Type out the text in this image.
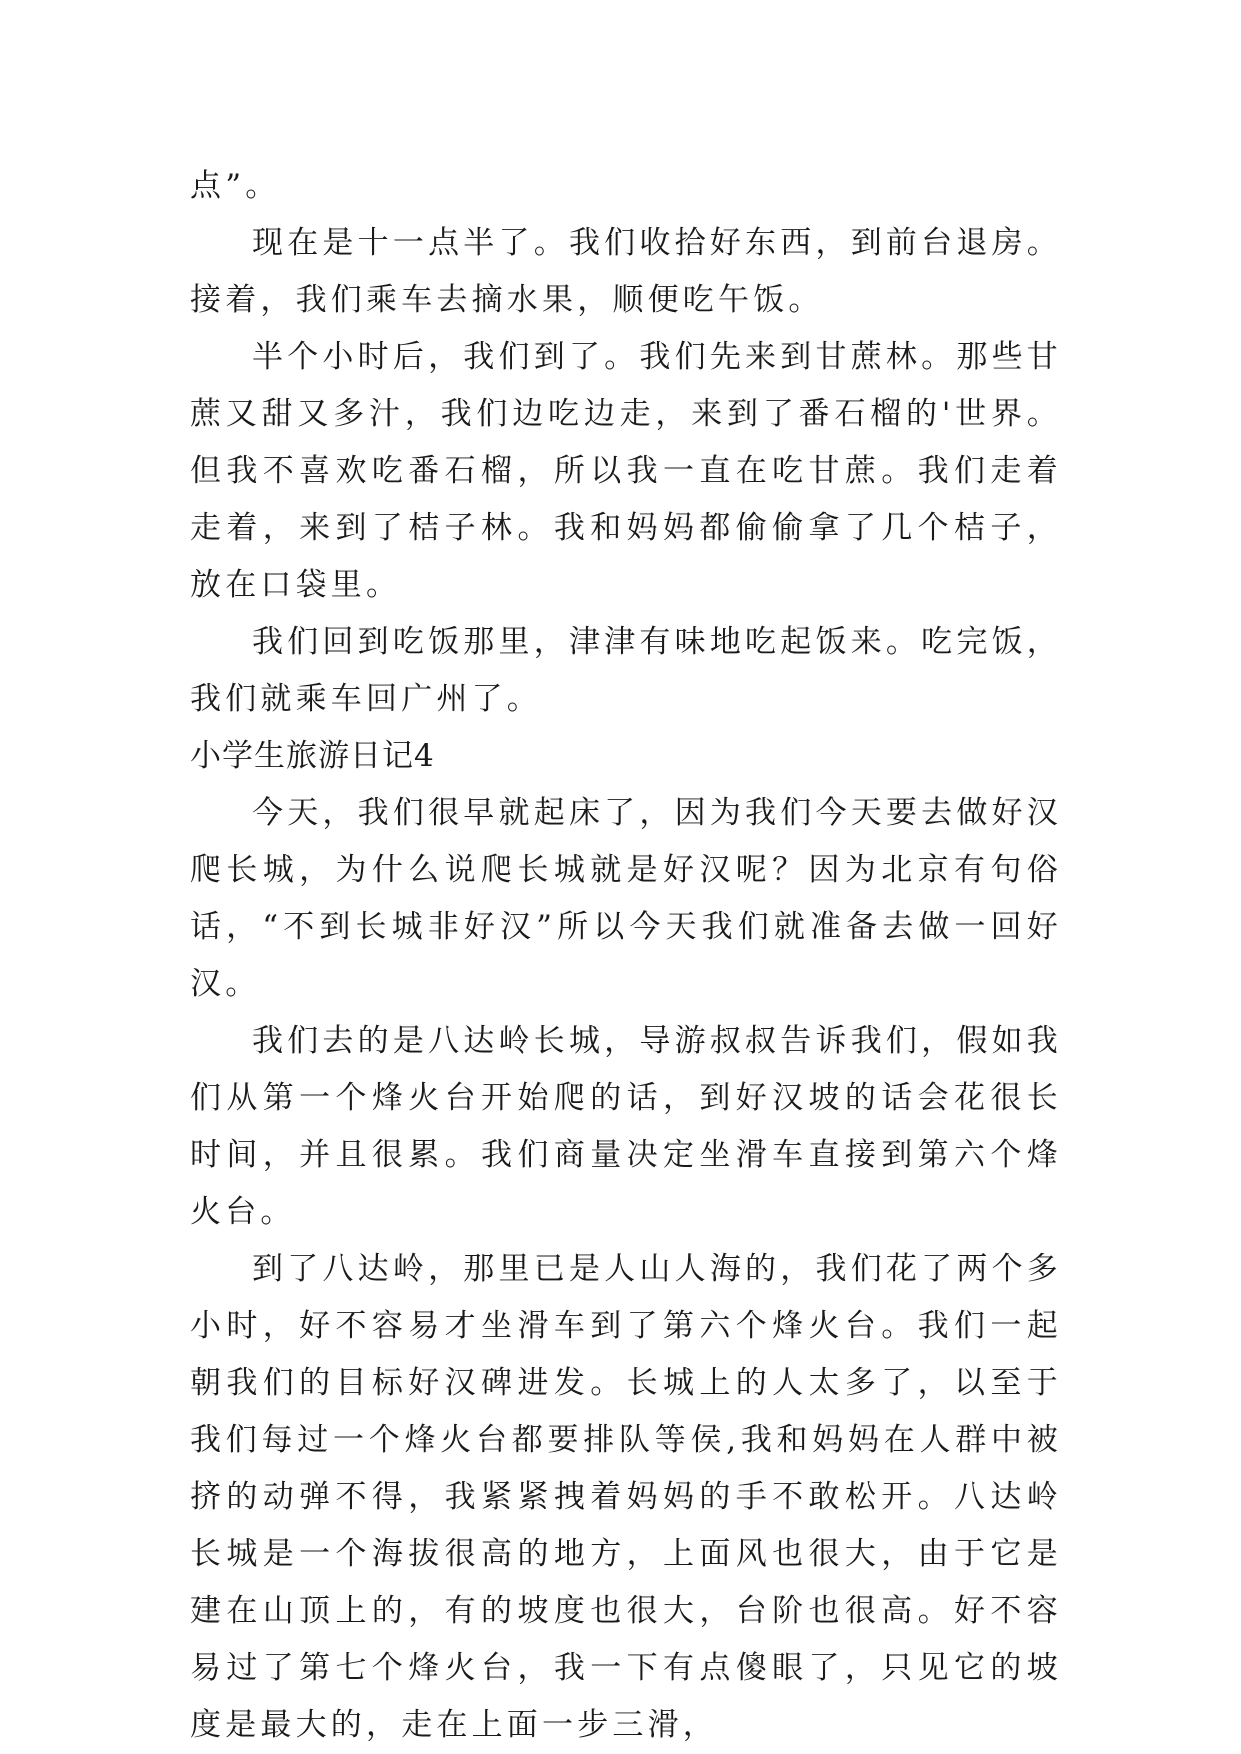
点”。

现在是十一点半了。我们收拾好东西，到前台退房。接着，我们乘车去摘水果，顺便吃午饭。

半个小时后，我们到了。我们先来到甘蔗林。那些甘蔗又甜又多汁，我们边吃边走，来到了番石榴的'世界。但我不喜欢吃番石榴，所以我一直在吃甘蔗。我们走着走着，来到了桔子林。我和妈妈都偷偷拿了几个桔子，放在口袋里。

我们回到吃饭那里，津津有味地吃起饭来。吃完饭，我们就乘车回广州了。

小学生旅游日记4

今天，我们很早就起床了，因为我们今天要去做好汉爬长城，为什么说爬长城就是好汉呢？因为北京有句俗话，“不到长城非好汉”所以今天我们就准备去做一回好汉。

我们去的是八达岭长城，导游叔叔告诉我们，假如我们从第一个烽火台开始爬的话，到好汉坡的话会花很长时间，并且很累。我们商量决定坐滑车直接到第六个烽火台。

到了八达岭，那里已是人山人海的，我们花了两个多小时，好不容易才坐滑车到了第六个烽火台。我们一起朝我们的目标好汉碑进发。长城上的人太多了，以至于我们每过一个烽火台都要排队等侯,我和妈妈在人群中被挤的动弹不得，我紧紧拽着妈妈的手不敢松开。八达岭长城是一个海拔很高的地方，上面风也很大，由于它是建在山顶上的，有的坡度也很大，台阶也很高。好不容易过了第七个烽火台，我一下有点傻眼了，只见它的坡度是最大的，走在上面一步三滑，
